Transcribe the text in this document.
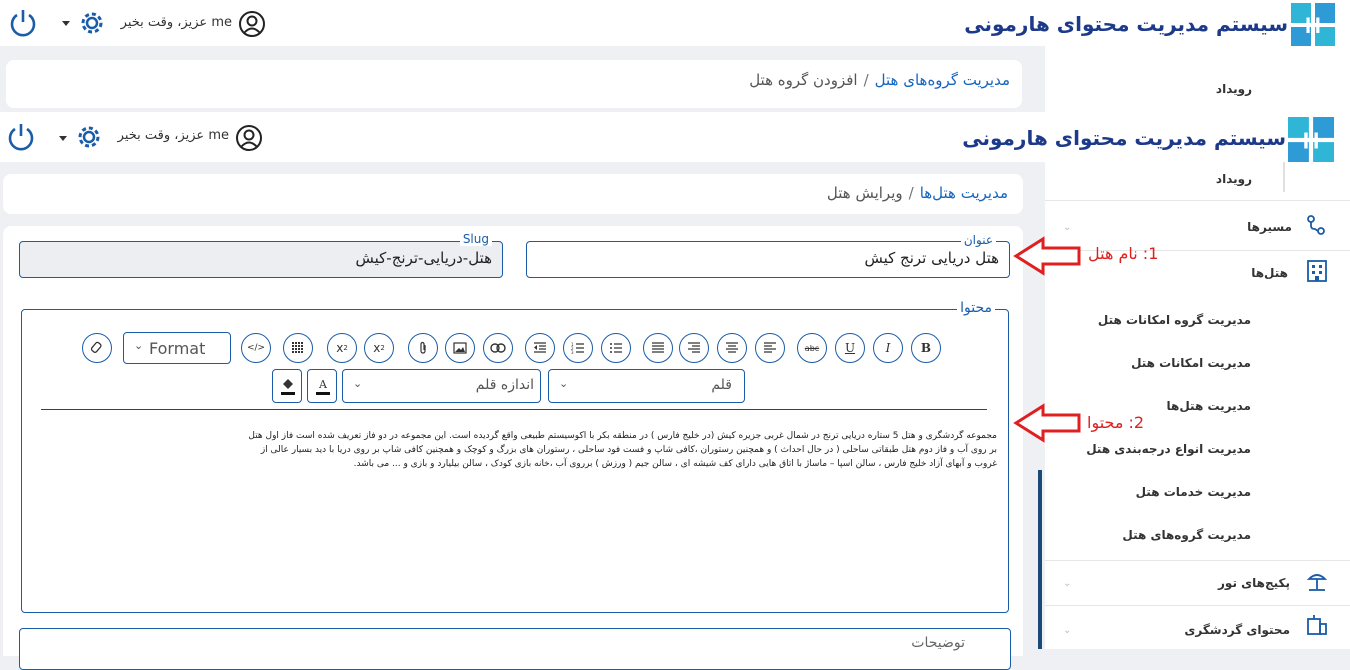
H
سیستم مدیریت محتوای هارمونی
me عزیز، وقت بخیر
رویداد
مدیریت گروه‌های هتل/افزودن گروه هتل
H
سیستم مدیریت محتوای هارمونی
me عزیز، وقت بخیر
رویداد
مسیرها
⌄
هتل‌ها
مدیریت گروه امکانات هتل
مدیریت امکانات هتل
مدیریت هتل‌ها
مدیریت انواع درجه‌بندی هتل
مدیریت خدمات هتل
مدیریت گروه‌های هتل
پکیج‌های تور
⌄
محتوای گردشگری
⌄
مدیریت هتل‌ها/ویرایش هتل
هتل دریایی ترنج کیش
عنوان
هتل-دریایی-ترنج-کیش
Slug
محتوا
B
I
U
abc
1
2
3
x 2
x 2
</>
⌄ Format
قلم
⌄
اندازه قلم
⌄
A
مجموعه گردشگری و هتل 5 ستاره دریایی ترنج در شمال غربی جزیره کیش (در خلیج فارس ) در منطقه بکر با اکوسیستم طبیعی واقع گردیده است. این مجموعه در دو فاز تعریف شده است فاز اول هتل بر روی آب و فاز دوم هتل طبقاتی ساحلی ( در حال احداث ) و همچنین رستوران ،کافی شاپ و فست فود ساحلی ، رستوران های بزرگ و کوچک و همچنین کافی شاپ بر روی دریا با دید بسیار عالی از غروب و آبهای آزاد خلیج فارس ، سالن اسپا – ماساژ با اتاق هایی دارای کف شیشه ای ، سالن جیم ( ورزش ) برروی آب ،خانه بازی کودک ، سالن بیلیارد و بازی و ... می باشد.
توضیحات
1: نام هتل
2: محتوا
